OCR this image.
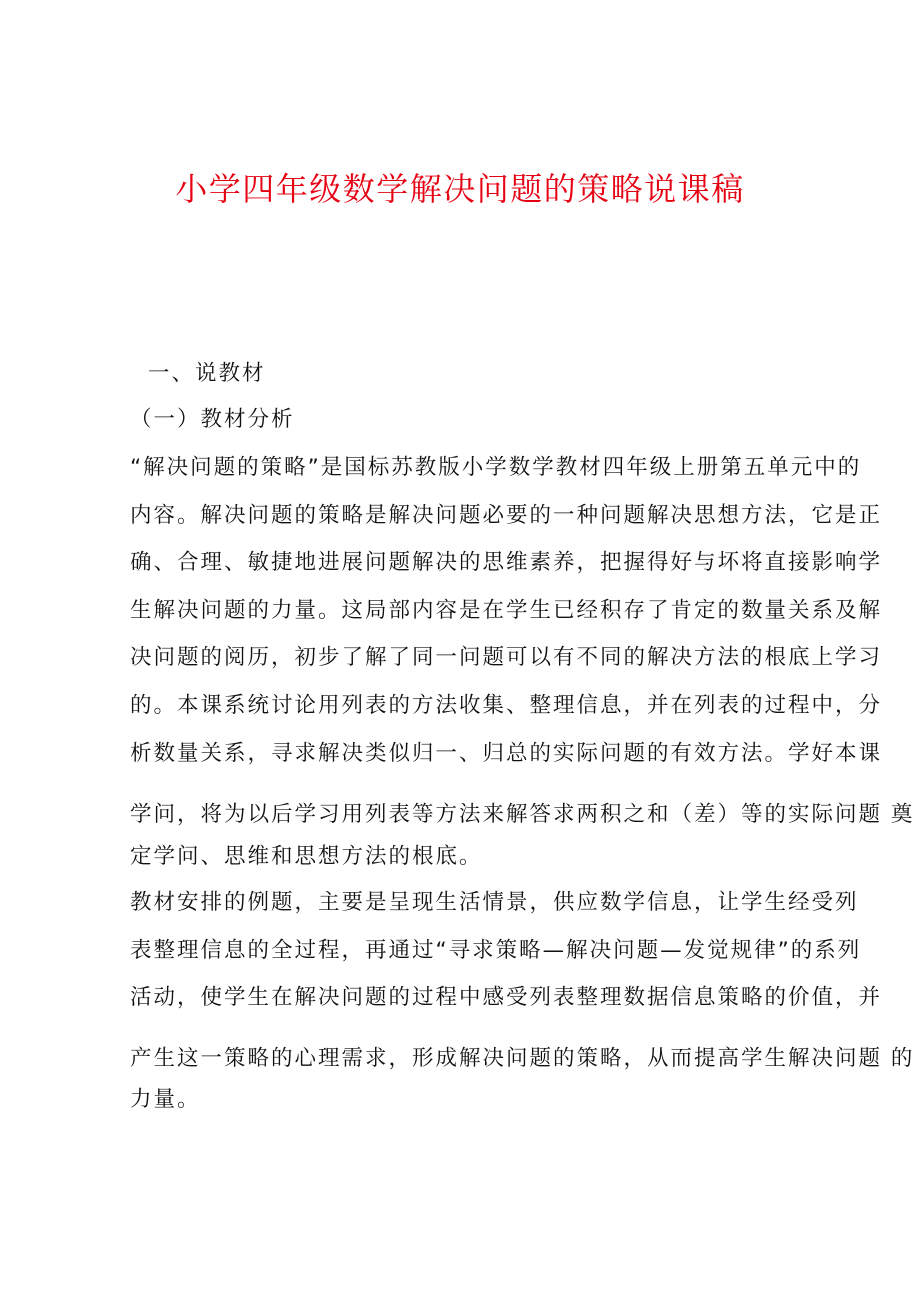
小学四年级数学解决问题的策略说课稿
一、说教材
（一）教材分析
“解决问题的策略”是国标苏教版小学数学教材四年级上册第五单元中的
内容。解决问题的策略是解决问题必要的一种问题解决思想方法，它是正
确、合理、敏捷地进展问题解决的思维素养，把握得好与坏将直接影响学
生解决问题的力量。这局部内容是在学生已经积存了肯定的数量关系及解
决问题的阅历，初步了解了同一问题可以有不同的解决方法的根底上学习
的。本课系统讨论用列表的方法收集、整理信息，并在列表的过程中，分
析数量关系，寻求解决类似归一、归总的实际问题的有效方法。学好本课
学问，将为以后学习用列表等方法来解答求两积之和（差）等的实际问题 奠
定学问、思维和思想方法的根底。
教材安排的例题，主要是呈现生活情景，供应数学信息，让学生经受列
表整理信息的全过程，再通过“寻求策略—解决问题—发觉规律”的系列
活动，使学生在解决问题的过程中感受列表整理数据信息策略的价值，并
产生这一策略的心理需求，形成解决问题的策略，从而提高学生解决问题 的
力量。
